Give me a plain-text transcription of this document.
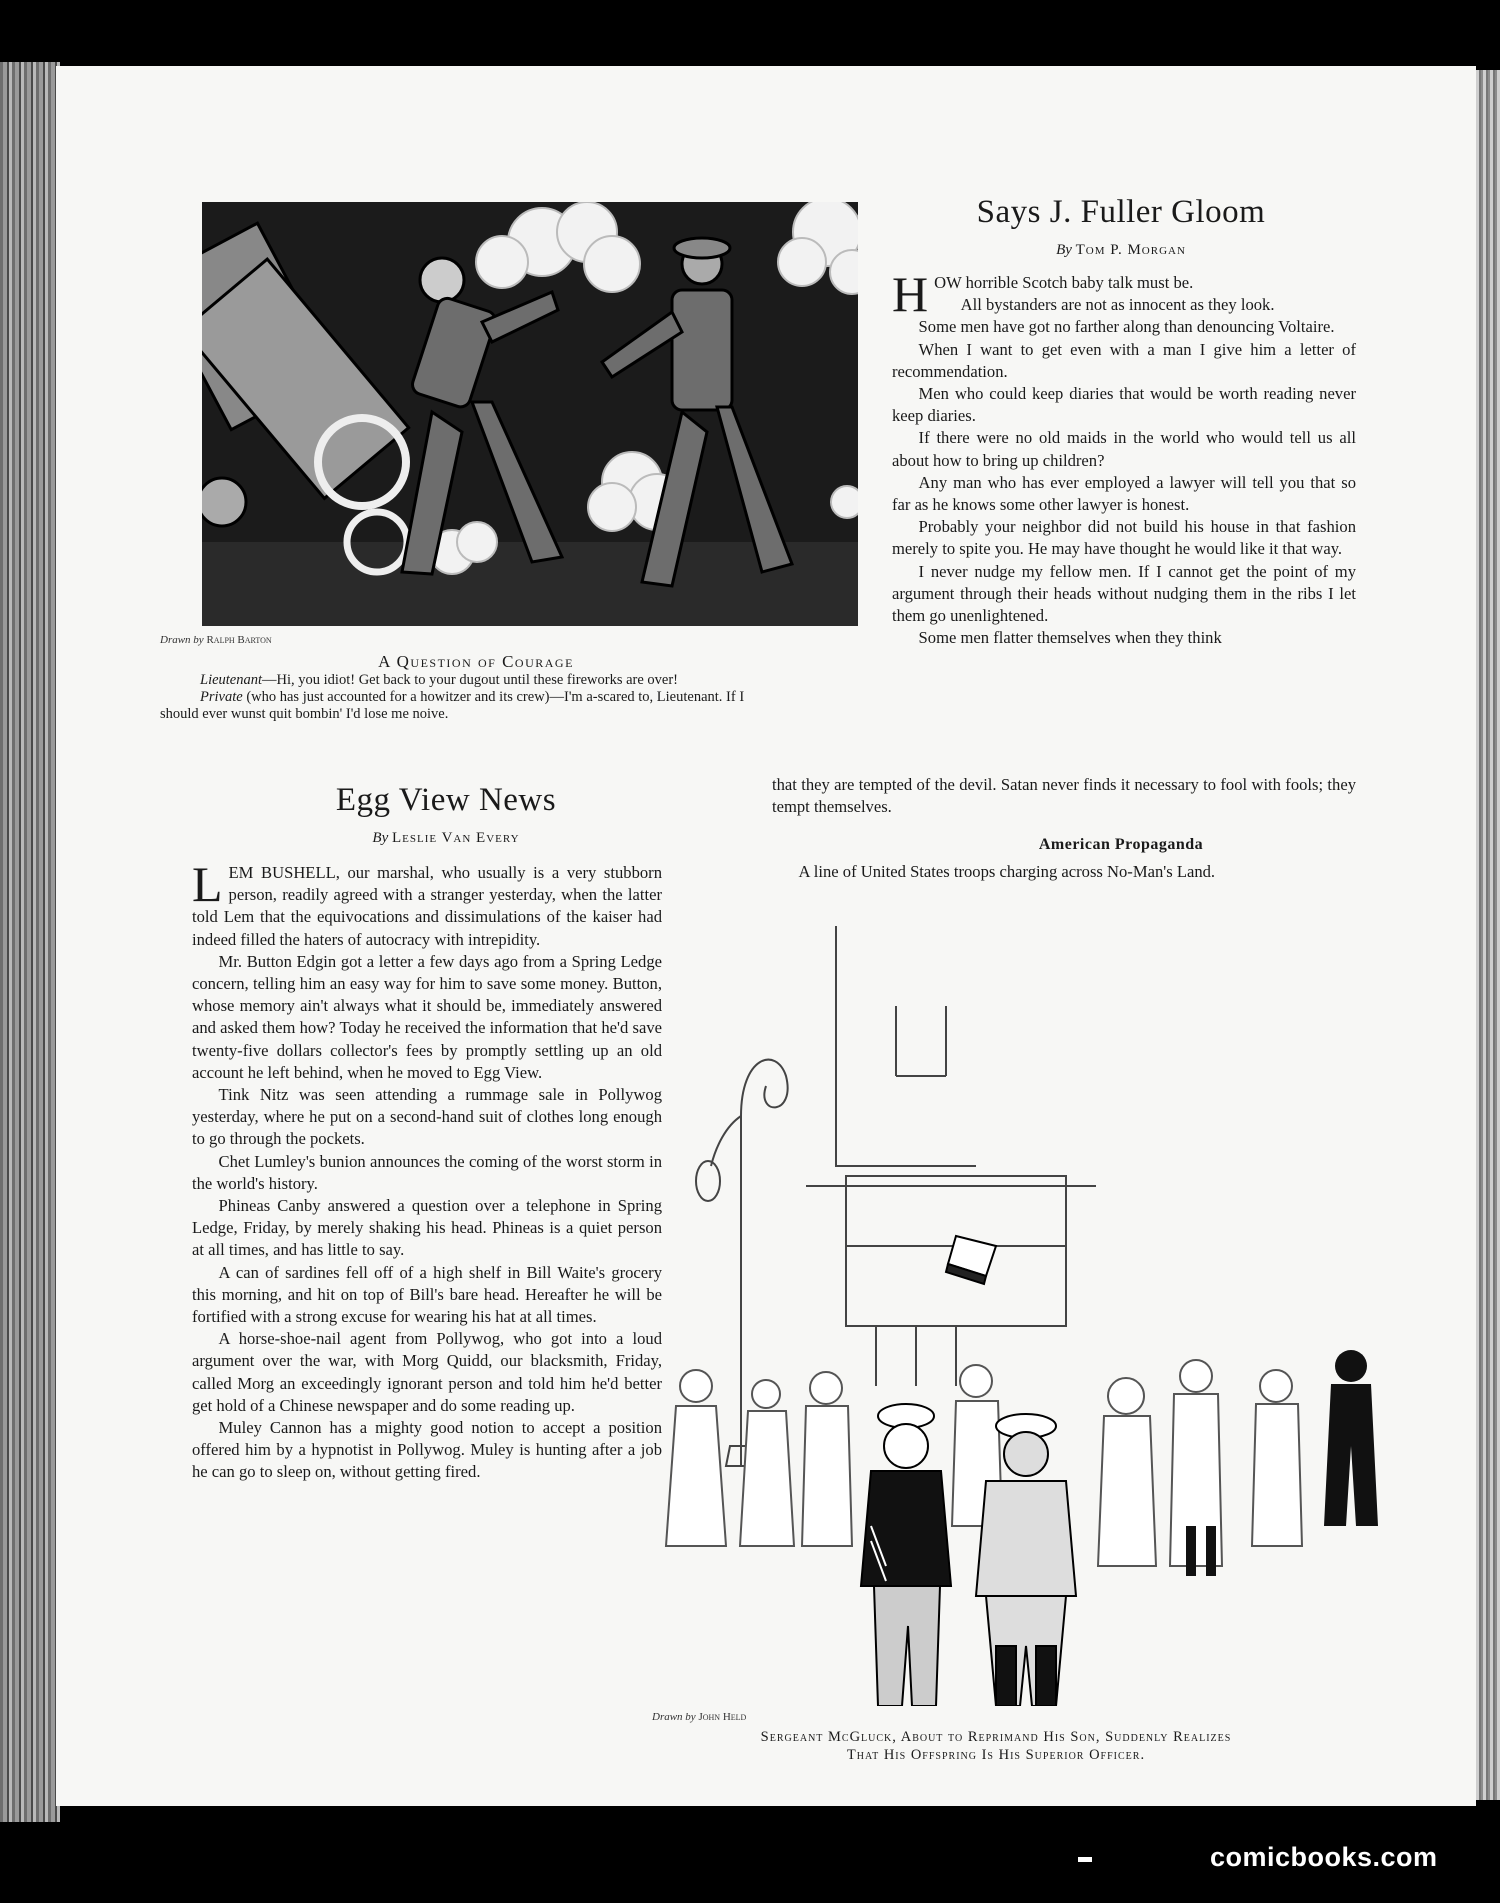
Drawn by Ralph Barton
A Question of Courage
Lieutenant—Hi, you idiot! Get back to your dugout until these fireworks are over!
Private (who has just accounted for a howitzer and its crew)—I'm a-scared to, Lieutenant. If I should ever wunst quit bombin' I'd lose me noive.
Says J. Fuller Gloom
By Tom P. Morgan

HOW horrible Scotch baby talk must be.

All bystanders are not as innocent as they look.

Some men have got no farther along than denouncing Voltaire.

When I want to get even with a man I give him a letter of recommendation.

Men who could keep diaries that would be worth reading never keep diaries.

If there were no old maids in the world who would tell us all about how to bring up children?

Any man who has ever employed a lawyer will tell you that so far as he knows some other lawyer is honest.

Probably your neighbor did not build his house in that fashion merely to spite you. He may have thought he would like it that way.

I never nudge my fellow men. If I cannot get the point of my argument through their heads without nudging them in the ribs I let them go unenlightened.

Some men flatter themselves when they think

that they are tempted of the devil. Satan never finds it necessary to fool with fools; they tempt themselves.

American Propaganda

A line of United States troops charging across No-Man's Land.

Egg View News
By Leslie Van Every

LEM BUSHELL, our marshal, who usually is a very stubborn person, readily agreed with a stranger yesterday, when the latter told Lem that the equivocations and dissimulations of the kaiser had indeed filled the haters of autocracy with intrepidity.

Mr. Button Edgin got a letter a few days ago from a Spring Ledge concern, telling him an easy way for him to save some money. Button, whose memory ain't always what it should be, immediately answered and asked them how? Today he received the information that he'd save twenty-five dollars collector's fees by promptly settling up an old account he left behind, when he moved to Egg View.

Tink Nitz was seen attending a rummage sale in Pollywog yesterday, where he put on a second-hand suit of clothes long enough to go through the pockets.

Chet Lumley's bunion announces the coming of the worst storm in the world's history.

Phineas Canby answered a question over a telephone in Spring Ledge, Friday, by merely shaking his head. Phineas is a quiet person at all times, and has little to say.

A can of sardines fell off of a high shelf in Bill Waite's grocery this morning, and hit on top of Bill's bare head. Hereafter he will be fortified with a strong excuse for wearing his hat at all times.

A horse-shoe-nail agent from Pollywog, who got into a loud argument over the war, with Morg Quidd, our blacksmith, Friday, called Morg an exceedingly ignorant person and told him he'd better get hold of a Chinese newspaper and do some reading up.

Muley Cannon has a mighty good notion to accept a position offered him by a hypnotist in Pollywog. Muley is hunting after a job he can go to sleep on, without getting fired.

Drawn by John Held
Sergeant McGluck, About to Reprimand His Son, Suddenly Realizes
That His Offspring Is His Superior Officer.
comicbooks.com
